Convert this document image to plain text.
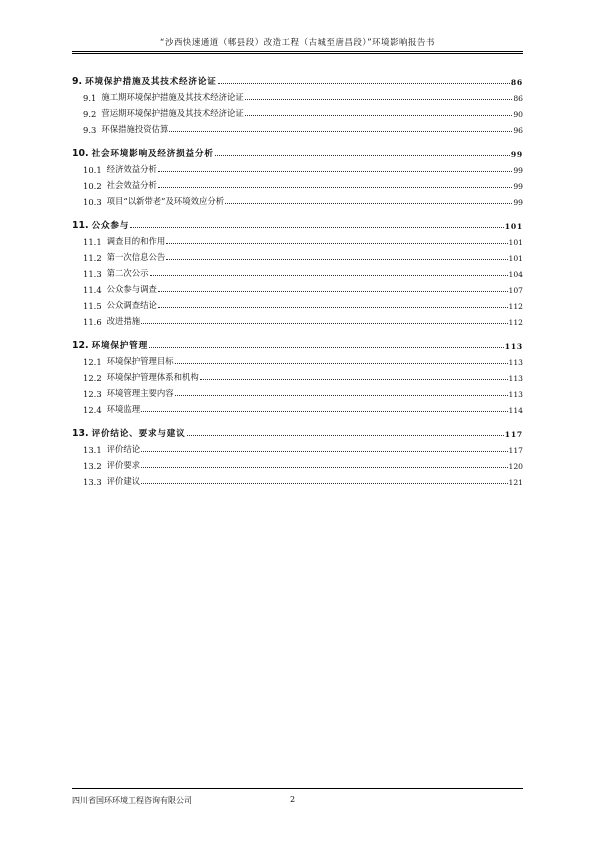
“沙西快速通道（郫县段）改造工程（古城至唐昌段）”环境影响报告书
9. 环境保护措施及其技术经济论证	86
9.1 施工期环境保护措施及其技术经济论证	86
9.2 营运期环境保护措施及其技术经济论证	90
9.3 环保措施投资估算	96
10. 社会环境影响及经济损益分析	99
10.1 经济效益分析	99
10.2 社会效益分析	99
10.3 项目“以新带老”及环境效应分析	99
11. 公众参与	101
11.1 调查目的和作用	101
11.2 第一次信息公告	101
11.3 第二次公示	104
11.4 公众参与调查	107
11.5 公众调查结论	112
11.6 改进措施	112
12. 环境保护管理	113
12.1 环境保护管理目标	113
12.2 环境保护管理体系和机构	113
12.3 环境管理主要内容	113
12.4 环境监理	114
13. 评价结论、要求与建议	117
13.1 评价结论	117
13.2 评价要求	120
13.3 评价建议	121
四川省国环环境工程咨询有限公司	2
